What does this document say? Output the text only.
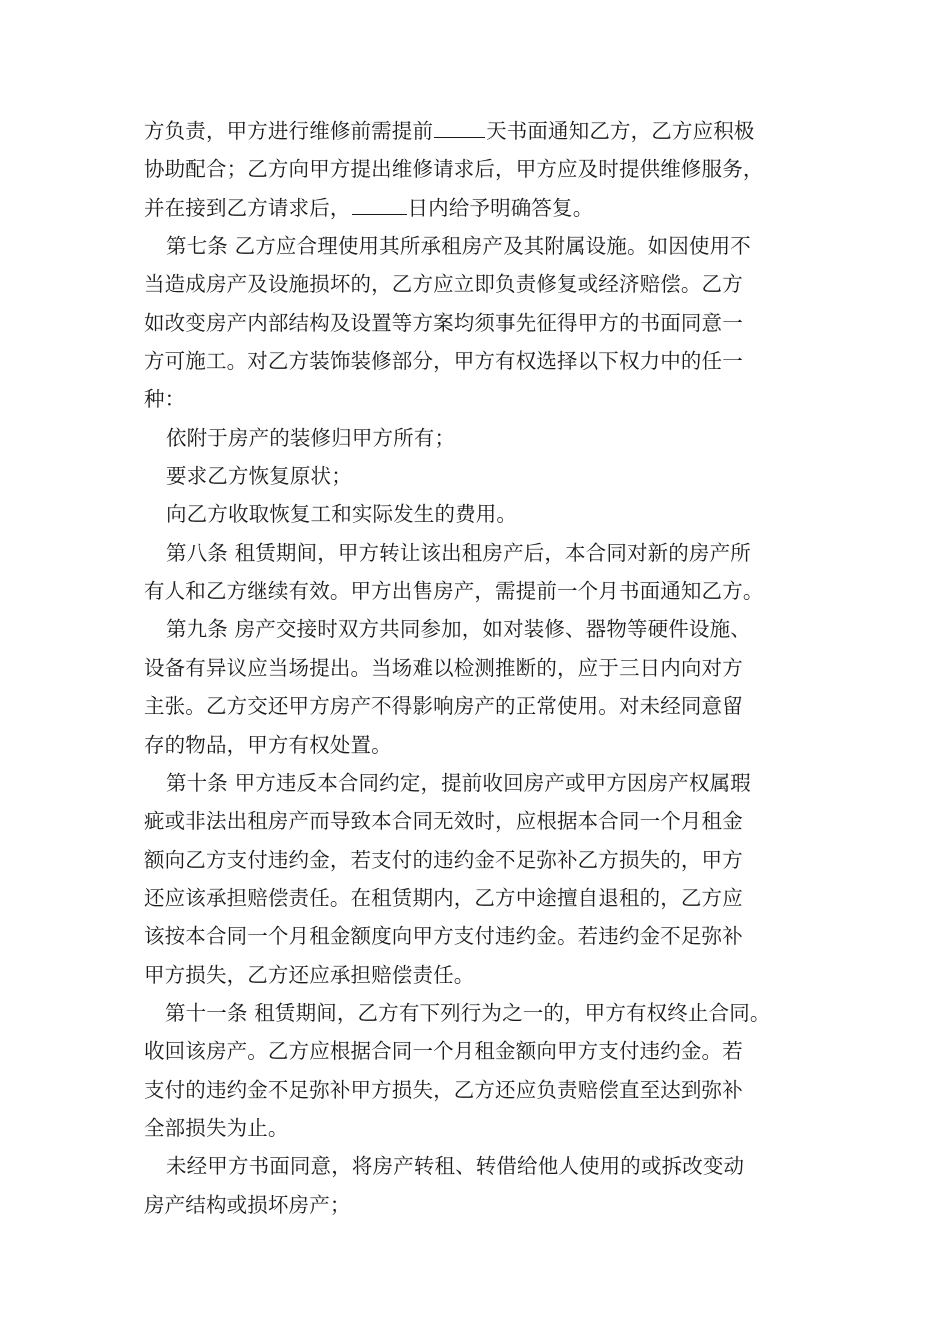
方负责，甲方进行维修前需提前	天书面通知乙方，乙方应积极
协助配合；乙方向甲方提出维修请求后，甲方应及时提供维修服务，
并在接到乙方请求后，	日内给予明确答复。
第七条 乙方应合理使用其所承租房产及其附属设施。如因使用不
当造成房产及设施损坏的，乙方应立即负责修复或经济赔偿。乙方
如改变房产内部结构及设置等方案均须事先征得甲方的书面同意一
方可施工。对乙方装饰装修部分，甲方有权选择以下权力中的任一
种：
依附于房产的装修归甲方所有；
要求乙方恢复原状；
向乙方收取恢复工和实际发生的费用。
第八条 租赁期间，甲方转让该出租房产后，本合同对新的房产所
有人和乙方继续有效。甲方出售房产，需提前一个月书面通知乙方。
第九条 房产交接时双方共同参加，如对装修、器物等硬件设施、
设备有异议应当场提出。当场难以检测推断的，应于三日内向对方
主张。乙方交还甲方房产不得影响房产的正常使用。对未经同意留
存的物品，甲方有权处置。
第十条 甲方违反本合同约定，提前收回房产或甲方因房产权属瑕
疵或非法出租房产而导致本合同无效时，应根据本合同一个月租金
额向乙方支付违约金，若支付的违约金不足弥补乙方损失的，甲方
还应该承担赔偿责任。在租赁期内，乙方中途擅自退租的，乙方应
该按本合同一个月租金额度向甲方支付违约金。若违约金不足弥补
甲方损失，乙方还应承担赔偿责任。
第十一条 租赁期间，乙方有下列行为之一的，甲方有权终止合同。
收回该房产。乙方应根据合同一个月租金额向甲方支付违约金。若
支付的违约金不足弥补甲方损失，乙方还应负责赔偿直至达到弥补
全部损失为止。
未经甲方书面同意，将房产转租、转借给他人使用的或拆改变动
房产结构或损坏房产；
